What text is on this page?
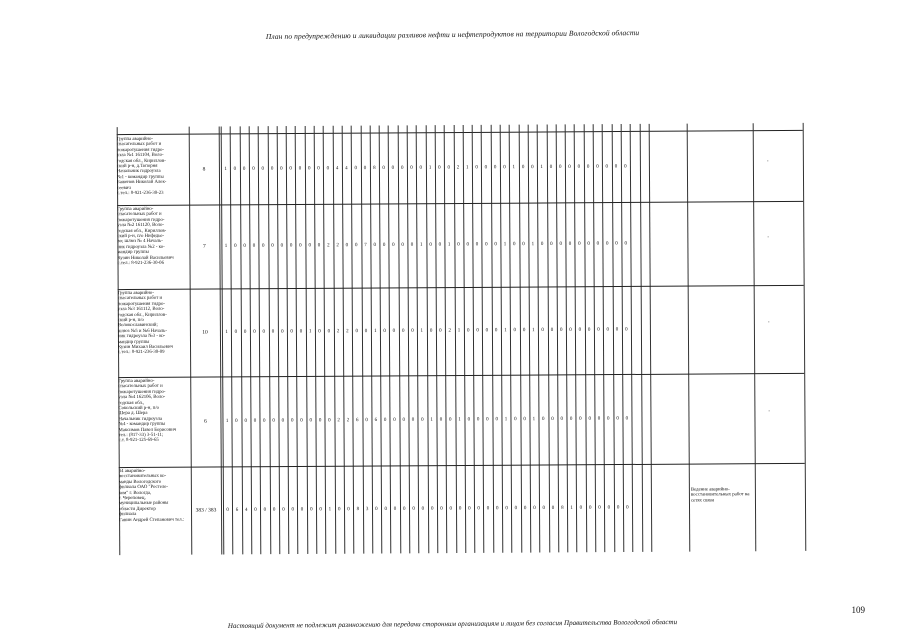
План по предупреждению и ликвидации разливов нефти и нефтепродуктов на территории Вологодской области
Группа аварийно-
спасательных работ и
пожаротушения гидро-
узла №1 161104, Воло-
годская обл., Кириллов-
ский р-н, д.Топорня
Начальник гидроузла
№1 - командир группы
Баженов Николай Алек-
сеевич
с.тел.: 8-921-236-30-23
8	1 0 0 0 0 0 0 0 0 0 0 0 4 4 0 0 8 0 0 0 0 0 1 0 0 2 1 0 0 0 0 1 0 0 1 0 0 0 0 0 0 0 0 0
-
Группа аварийно-
спасательных работ и
пожаротушения гидро-
узла №2 161120, Воло-
годская обл., Кириллов-
ский р-н, п/о Нифедье-
во; шлюз № 4 Началь-
ник гидроузла №2 - ко-
мандир группы
Кузин Николай Васильевич
с.тел.: 8-921-236-30-06
7	1 0 0 0 0 0 0 0 0 0 0 2 2 0 0 7 0 0 0 0 0 1 0 0 1 0 0 0 0 0 1 0 0 1 0 0 0 0 0 0 0 0 0 0
-
Группа аварийно-
спасательных работ и
пожаротушения гидро-
узла №3 161112, Воло-
годская обл., Кириллов-
ский р-н, п/о
Волокославинский;
шлюз №5 и №6 Началь-
ник гидроузла №3 - ко-
мандир группы
Кузин Михаил Васильевич
с.тел.: 8-921-236-30-09
10	1 0 0 0 0 0 0 0 0 1 0 0 2 2 0 0 1 0 0 0 0 1 0 0 2 1 0 0 0 0 1 0 0 1 0 0 0 0 0 0 0 0 0 0
-
Группа аварийно-
спасательных работ и
пожаротушения гидро-
узла №4 162106, Воло-
годская обл.,
Сокольский р-н, п/о
Шера д. Шера
Начальник гидроузла
№4 - командир группы
Максимов Павел Борисович
тел.: (817-33) 3-51-11;
с.т. 8-921-125-69-65
6	1 0 0 0 0 0 0 0 0 0 0 0 2 2 6 0 6 0 0 0 0 0 1 0 0 1 0 0 0 0 1 0 0 1 0 0 0 0 0 0 0 0 0 0
-
34 аварийно-
восстановительных ко-
манды Вологодского
филиала ОАО "Ростеле-
ком" г. Вологда,
г. Череповец,
муниципальные районы
области Директор
филиала
Ганин Андрей Степанович тел.:
383 / 383	0 6 4 0 0 0 0 0 0 0 0 1 0 0 8 3 0 0 0 0 0 0 0 0 0 0 0 0 0 0 0 0 0 0 0 0 8 1 0 0 0 0 0 0
Ведение аварийно-восстановительных работ на сетях связи
109
Настоящий документ не подлежит размножению для передачи сторонним организациям и лицам без согласия Правительства Вологодской области
